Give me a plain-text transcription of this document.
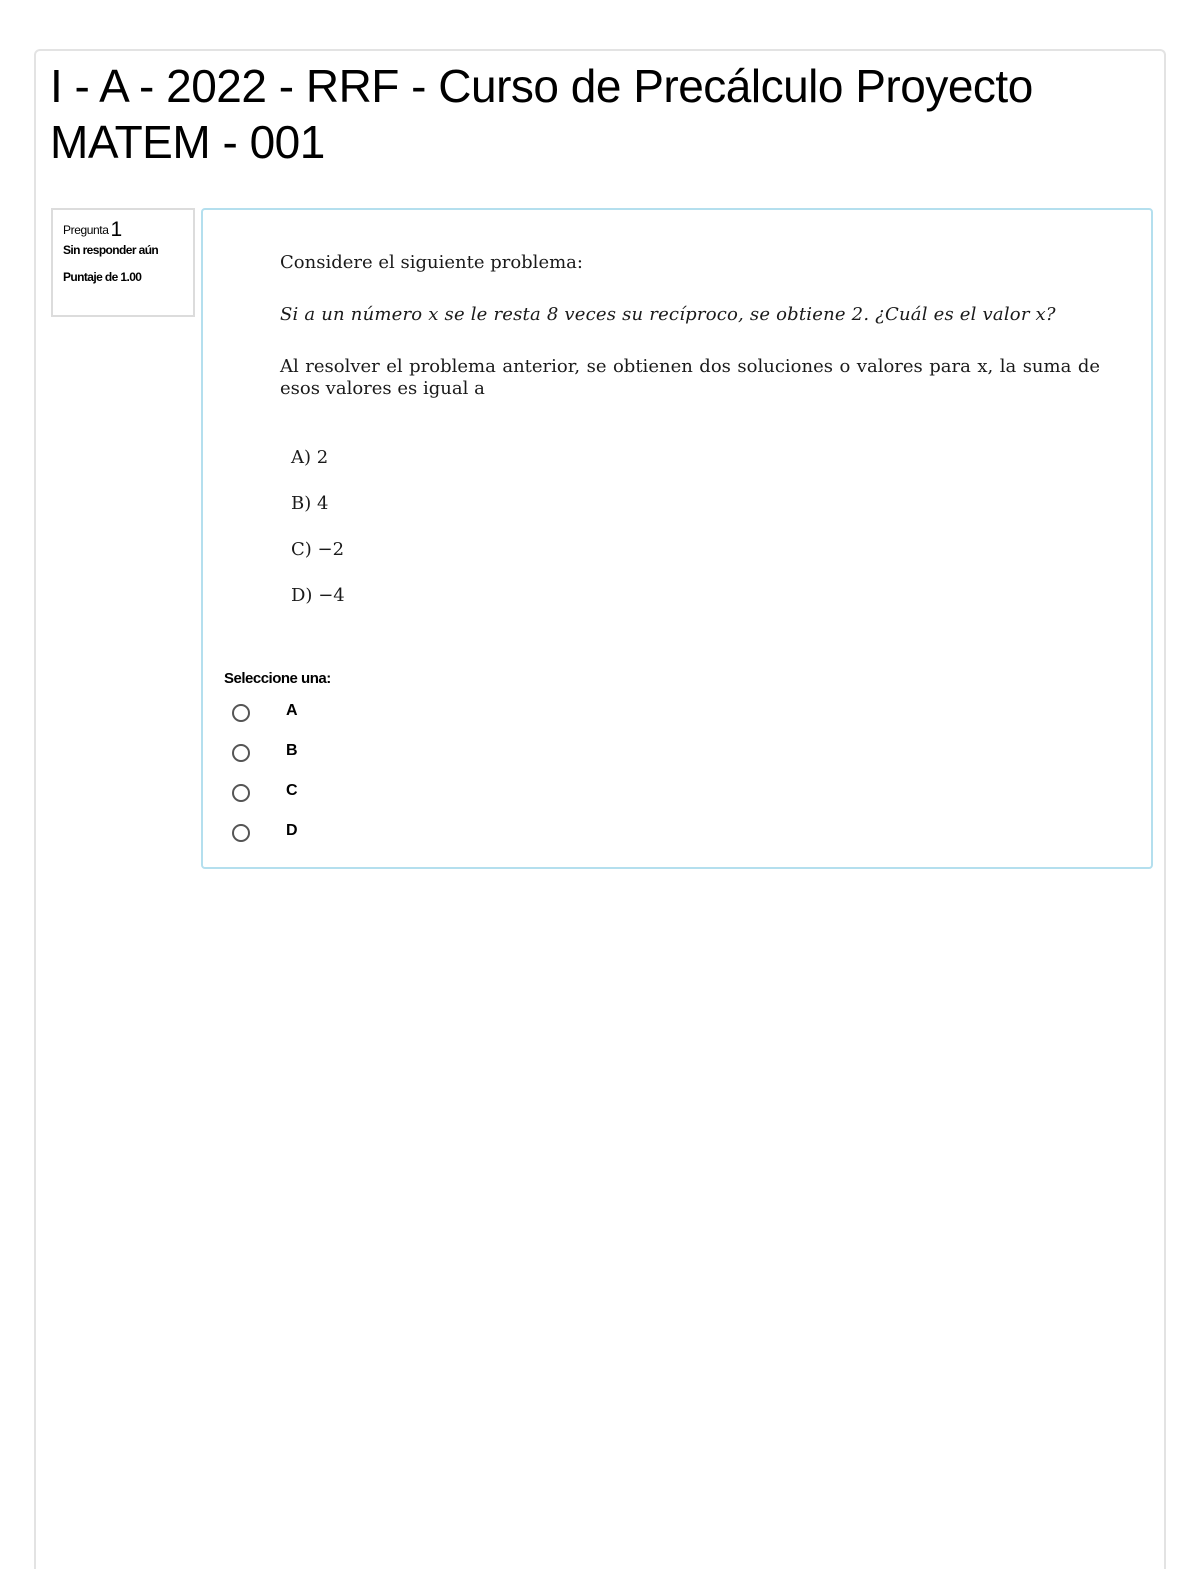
I - A - 2022 - RRF - Curso de Precálculo Proyecto MATEM - 001
Pregunta1
Sin responder aún
Puntaje de 1.00

Considere el siguiente problema:

Si a un número x se le resta 8 veces su recíproco, se obtiene 2. ¿Cuál es el valor x?

Al resolver el problema anterior, se obtienen dos soluciones o valores para x, la suma de esos valores es igual a

A) 2
B) 4
C) −2
D) −4
Seleccione una:
A
B
C
D
